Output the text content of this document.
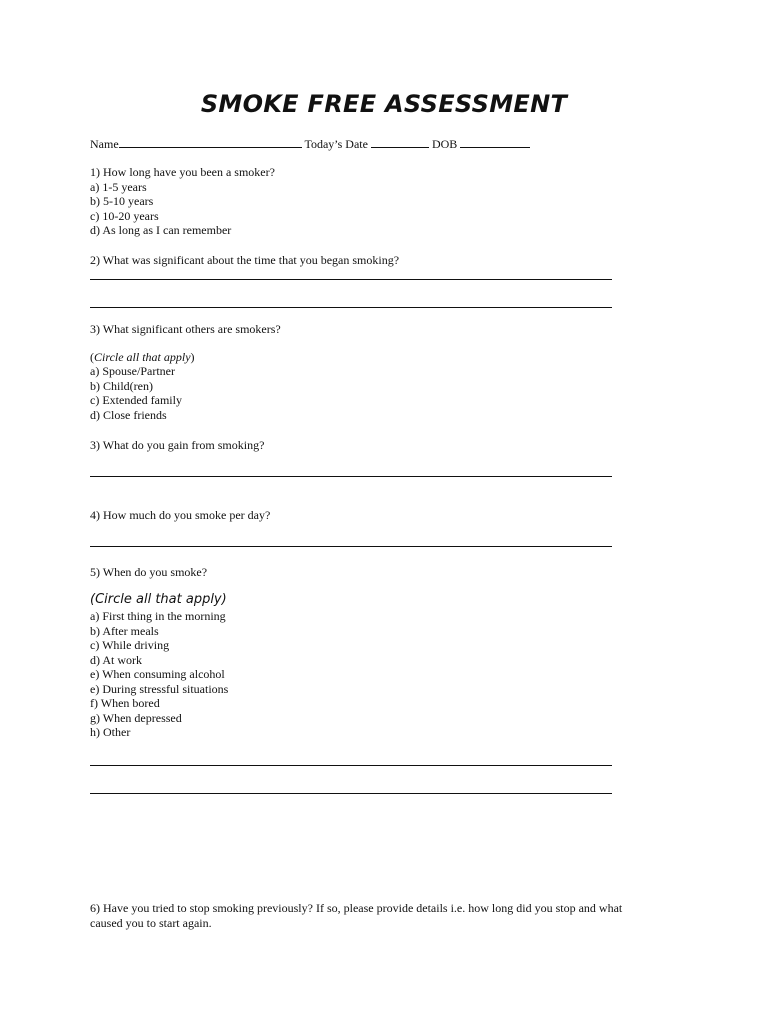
SMOKE FREE ASSESSMENT
Name	Today’s Date	DOB
1) How long have you been a smoker?
a) 1-5 years
b) 5-10 years
c) 10-20 years
d) As long as I can remember
2) What was significant about the time that you began smoking?
3) What significant others are smokers?
(Circle all that apply)
a) Spouse/Partner
b) Child(ren)
c) Extended family
d) Close friends
3) What do you gain from smoking?
4) How much do you smoke per day?
5) When do you smoke?
(Circle all that apply)
a) First thing in the morning
b) After meals
c) While driving
d) At work
e) When consuming alcohol
e) During stressful situations
f) When bored
g) When depressed
h) Other
6) Have you tried to stop smoking previously? If so, please provide details i.e. how long did you stop and what
caused you to start again.
